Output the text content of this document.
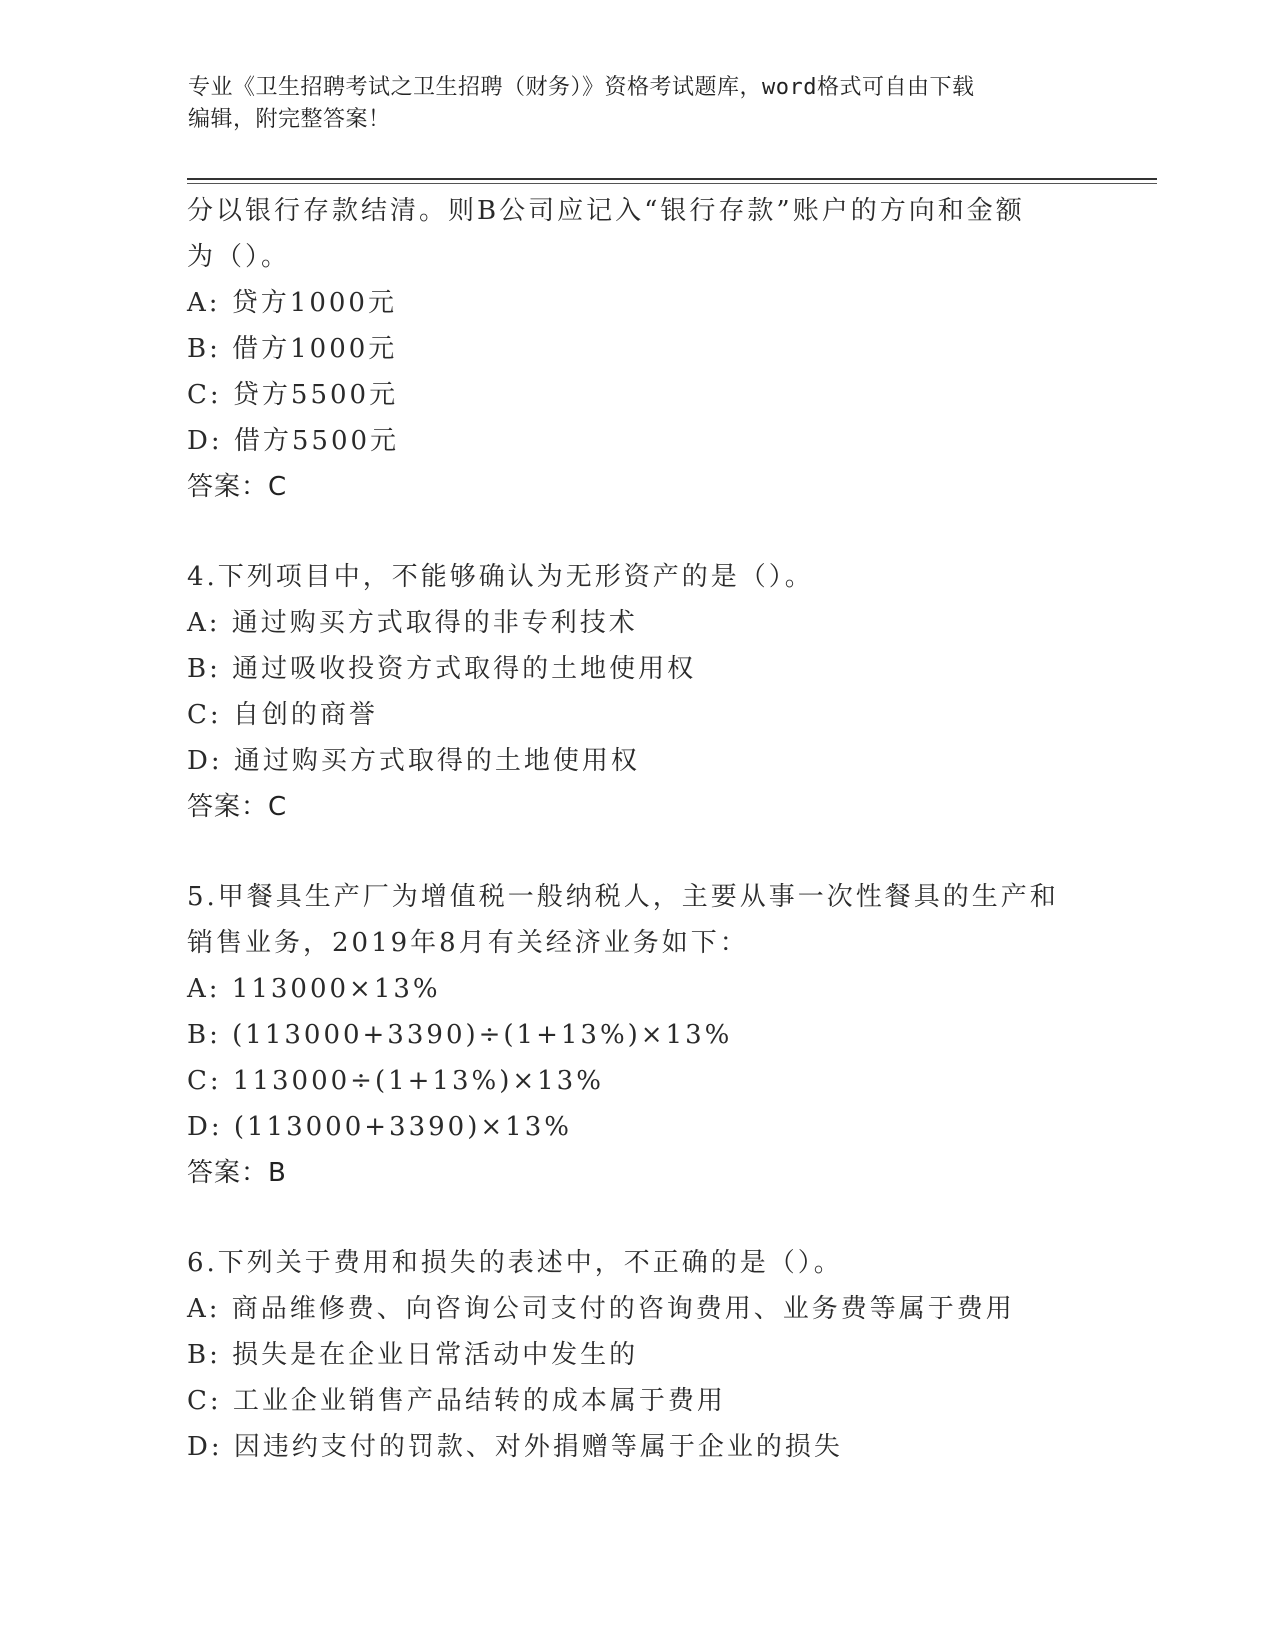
专业《卫生招聘考试之卫生招聘（财务）》资格考试题库，word格式可自由下载
编辑，附完整答案！
分以银行存款结清。则B公司应记入“银行存款”账户的方向和金额
为（）。
A: 贷方1000元
B: 借方1000元
C: 贷方5500元
D: 借方5500元
答案：C
4.下列项目中，不能够确认为无形资产的是（）。
A: 通过购买方式取得的非专利技术
B: 通过吸收投资方式取得的土地使用权
C: 自创的商誉
D: 通过购买方式取得的土地使用权
答案：C
5.甲餐具生产厂为增值税一般纳税人，主要从事一次性餐具的生产和
销售业务，2019年8月有关经济业务如下：
A: 113000×13%
B: (113000+3390)÷(1+13%)×13%
C: 113000÷(1+13%)×13%
D: (113000+3390)×13%
答案：B
6.下列关于费用和损失的表述中，不正确的是（）。
A: 商品维修费、向咨询公司支付的咨询费用、业务费等属于费用
B: 损失是在企业日常活动中发生的
C: 工业企业销售产品结转的成本属于费用
D: 因违约支付的罚款、对外捐赠等属于企业的损失
